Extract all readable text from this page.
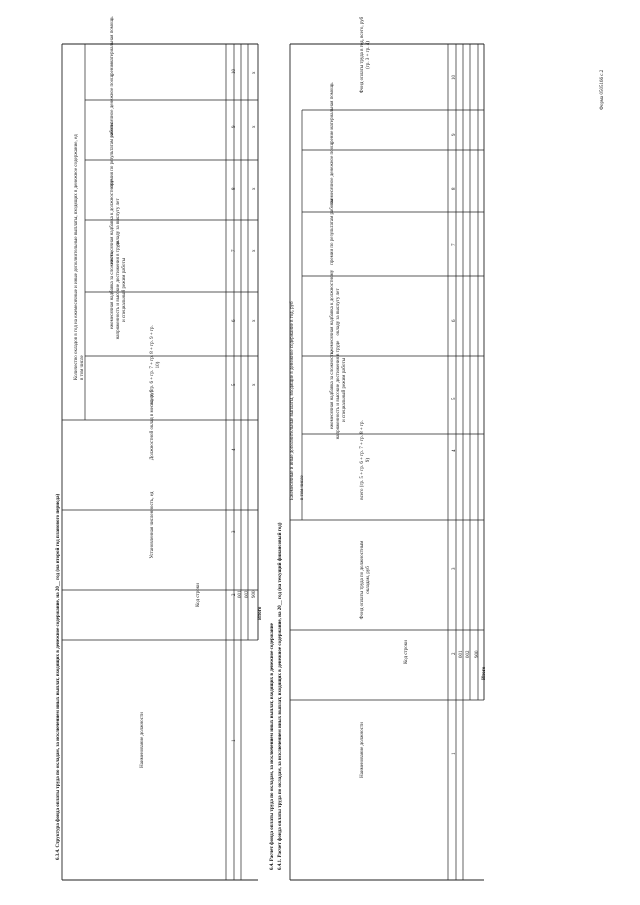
Форма 0505166 с.2
6.3.4. Структура фонда оплаты труда по окладам, за исключением иных выплат, входящих в денежное содержание, на 20__ год (на второй год планового периода)
Количество окладов в год на ежемесячные и иные дополнительные выплаты, входящих в денежное содержание, ед в том числе
6.4. Расчет фонда оплаты труда по окладам, за исключением иных выплат, входящих в денежное содержание 6.4.1. Расчет фонда оплаты труда по окладам, за исключением иных выплат, входящих в денежное содержание, на 20__ год (на текущий финансовый год)
Ежемесячные и иные дополнительные выплаты, входящие в денежное содержание в год, руб в том числе
Наименование должности
Код строки
Установленная численность, ед
Должностной оклад в месяц, руб
всего (гр. 6 + гр. 7 + гр. 8 + гр. 9 + гр. 10)
ежемесячная надбавка за сложность, напряженность и высокие достижения в труде и специальный режим работы
ежемесячная надбавка к должностному окладу за выслугу лет
премия по результатам работы
ежемесячное денежное поощрение
материальная помощь
1
2
3
4
5
6
7
8
9
10
001 002 900
Итого
x
x
x
x
x
x
Наименование должности
Код строки
Фонд оплаты труда по должностным окладам, руб
всего (гр. 5 + гр. 6 + гр. 7 + гр. 8 + гр. 9)
ежемесячная надбавка за сложность, напряженность и высокие достижения в труде и специальный режим работы
ежемесячная надбавка к должностному окладу за выслугу лет
премии по результатам работы
ежемесячное денежное поощрение
материальная помощь
Фонд оплаты труда в год, всего, руб (гр. 3 + гр. 4)
1
2
3
4
5
6
7
8
9
10
001 002 900
Итого
